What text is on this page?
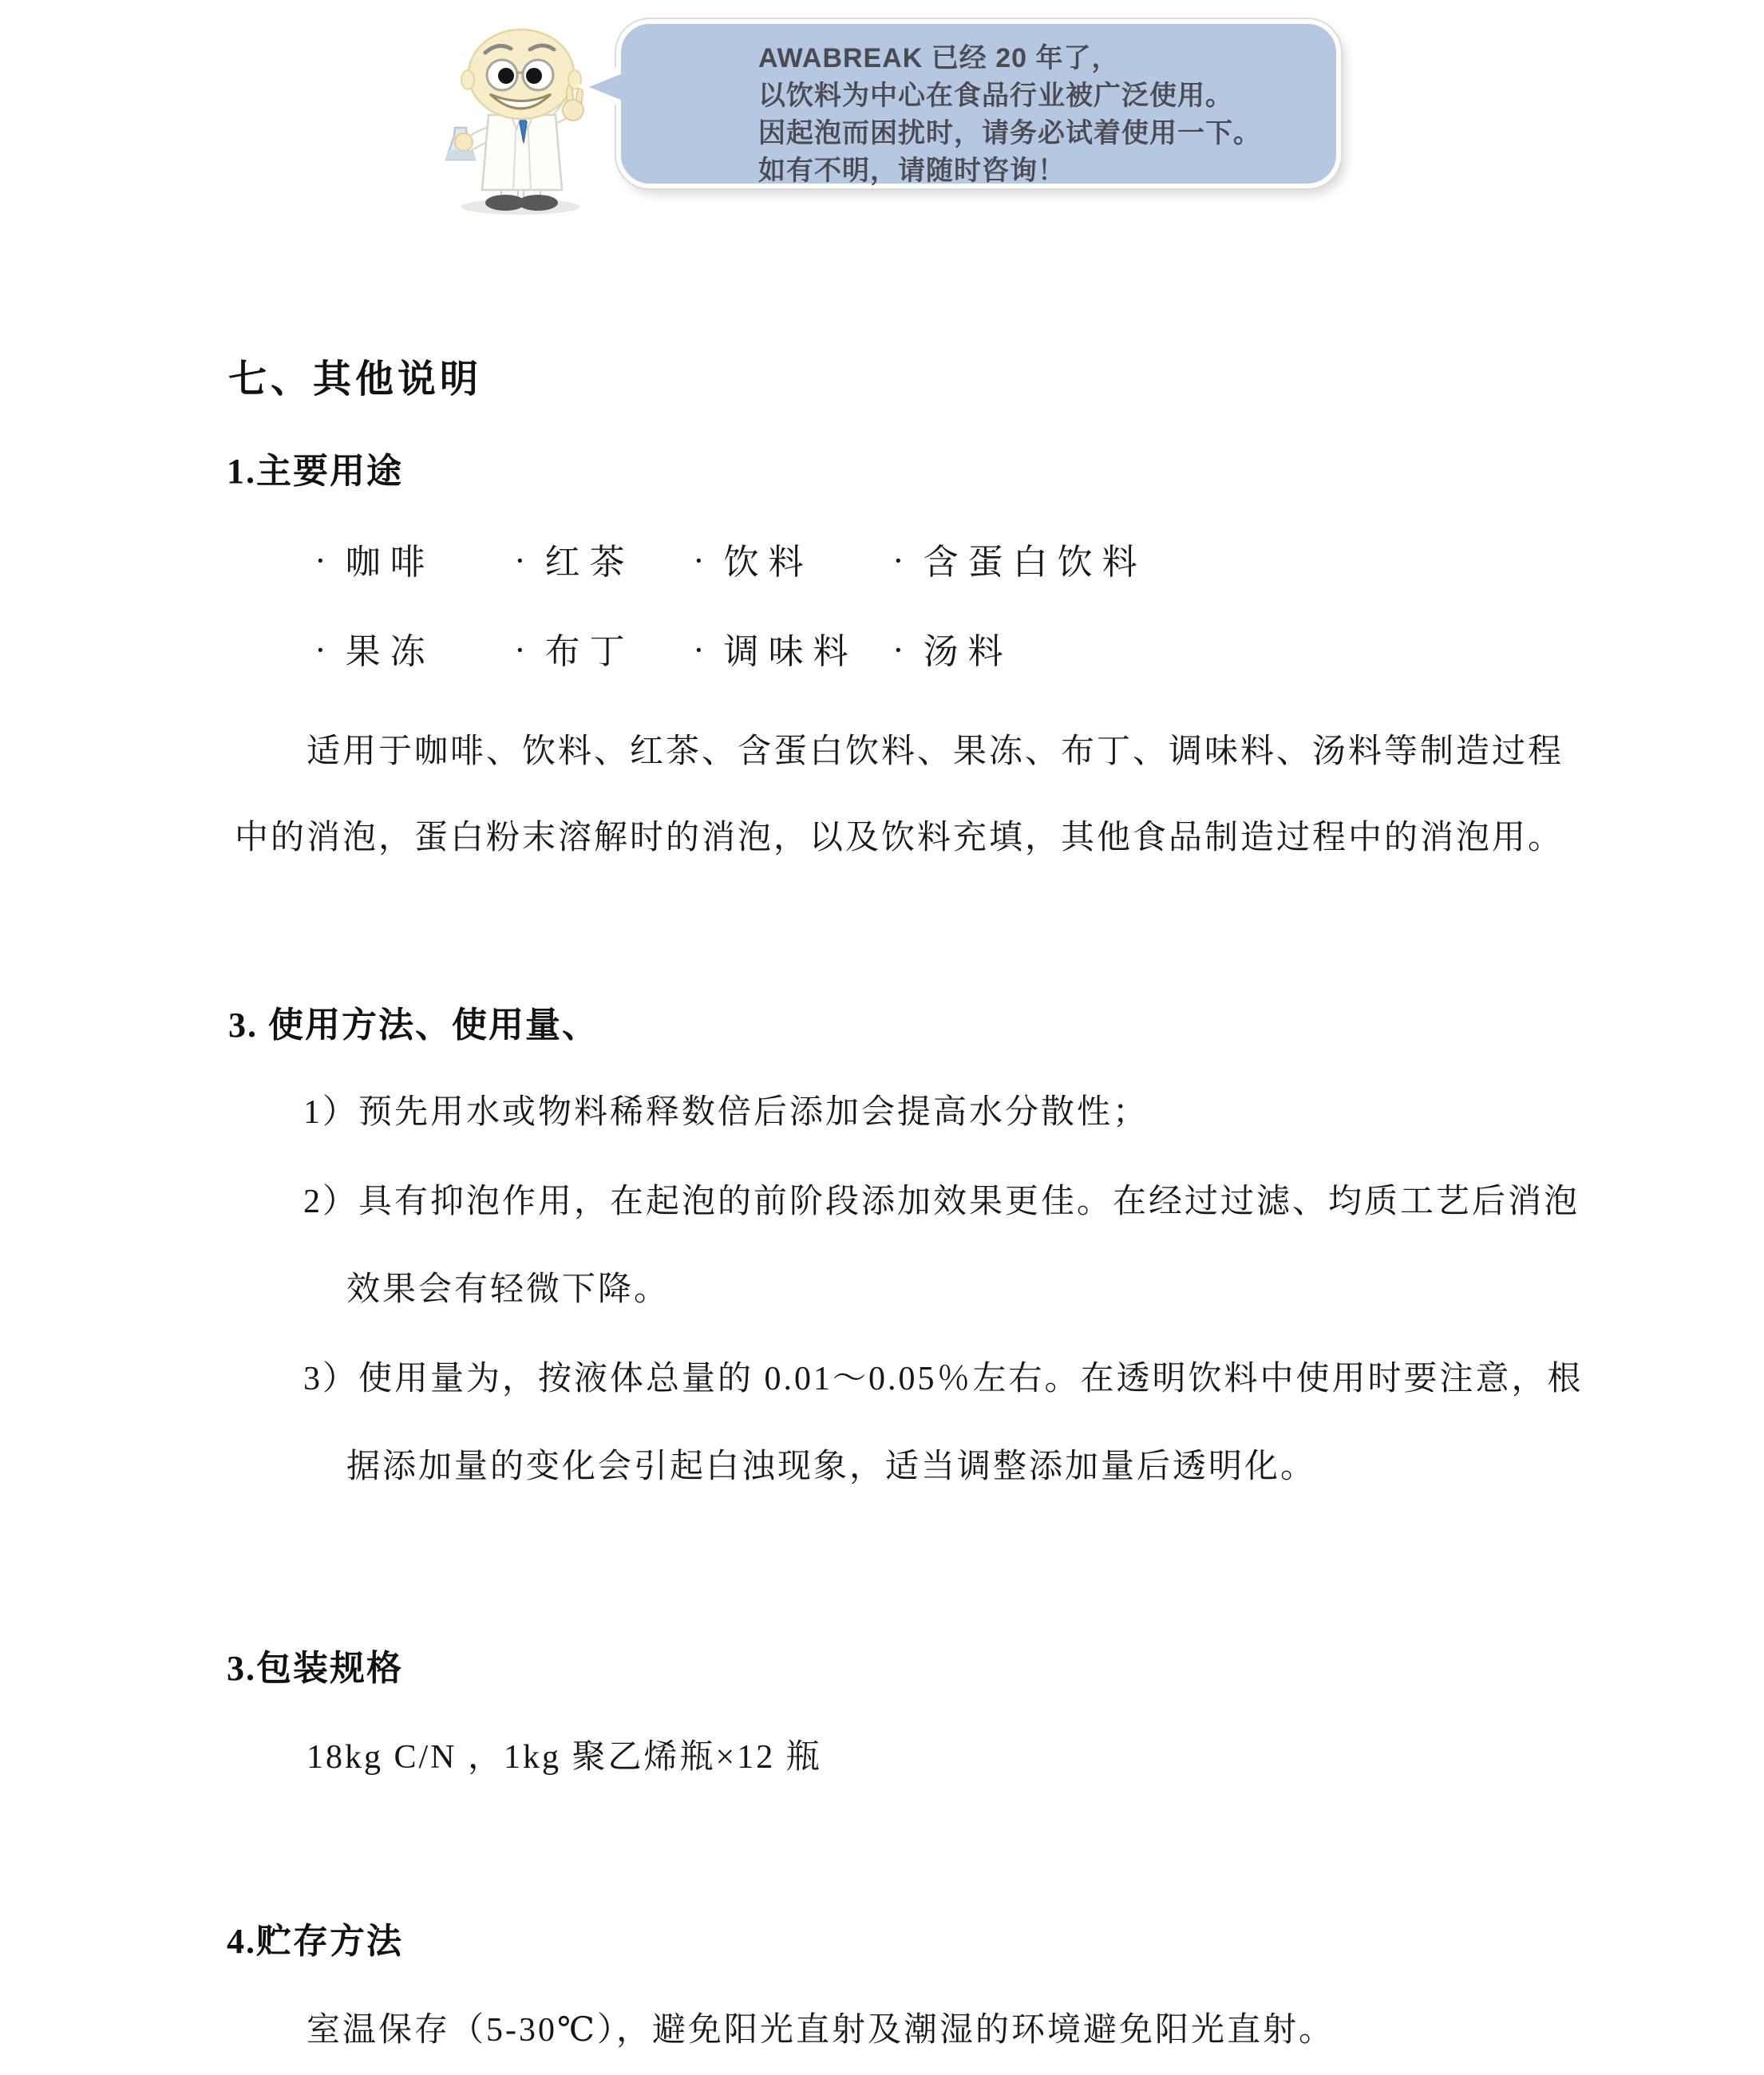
AWABREAK 已经 20 年了，

以饮料为中心在食品行业被广泛使用。

因起泡而困扰时，请务必试着使用一下。

如有不明，请随时咨询！

七、其他说明
1.主要用途
· 咖啡 · 红茶 · 饮料 · 含蛋白饮料
· 果冻 · 布丁 · 调味料 · 汤料
适用于咖啡、饮料、红茶、含蛋白饮料、果冻、布丁、调味料、汤料等制造过程
中的消泡，蛋白粉末溶解时的消泡，以及饮料充填，其他食品制造过程中的消泡用。
3. 使用方法、使用量、
1）预先用水或物料稀释数倍后添加会提高水分散性；
2）具有抑泡作用，在起泡的前阶段添加效果更佳。在经过过滤、均质工艺后消泡
效果会有轻微下降。
3）使用量为，按液体总量的 0.01～0.05％左右。在透明饮料中使用时要注意，根
据添加量的变化会引起白浊现象，适当调整添加量后透明化。
3.包装规格
18kg C/N ，1kg 聚乙烯瓶×12 瓶
4.贮存方法
室温保存（5-30℃），避免阳光直射及潮湿的环境避免阳光直射。
